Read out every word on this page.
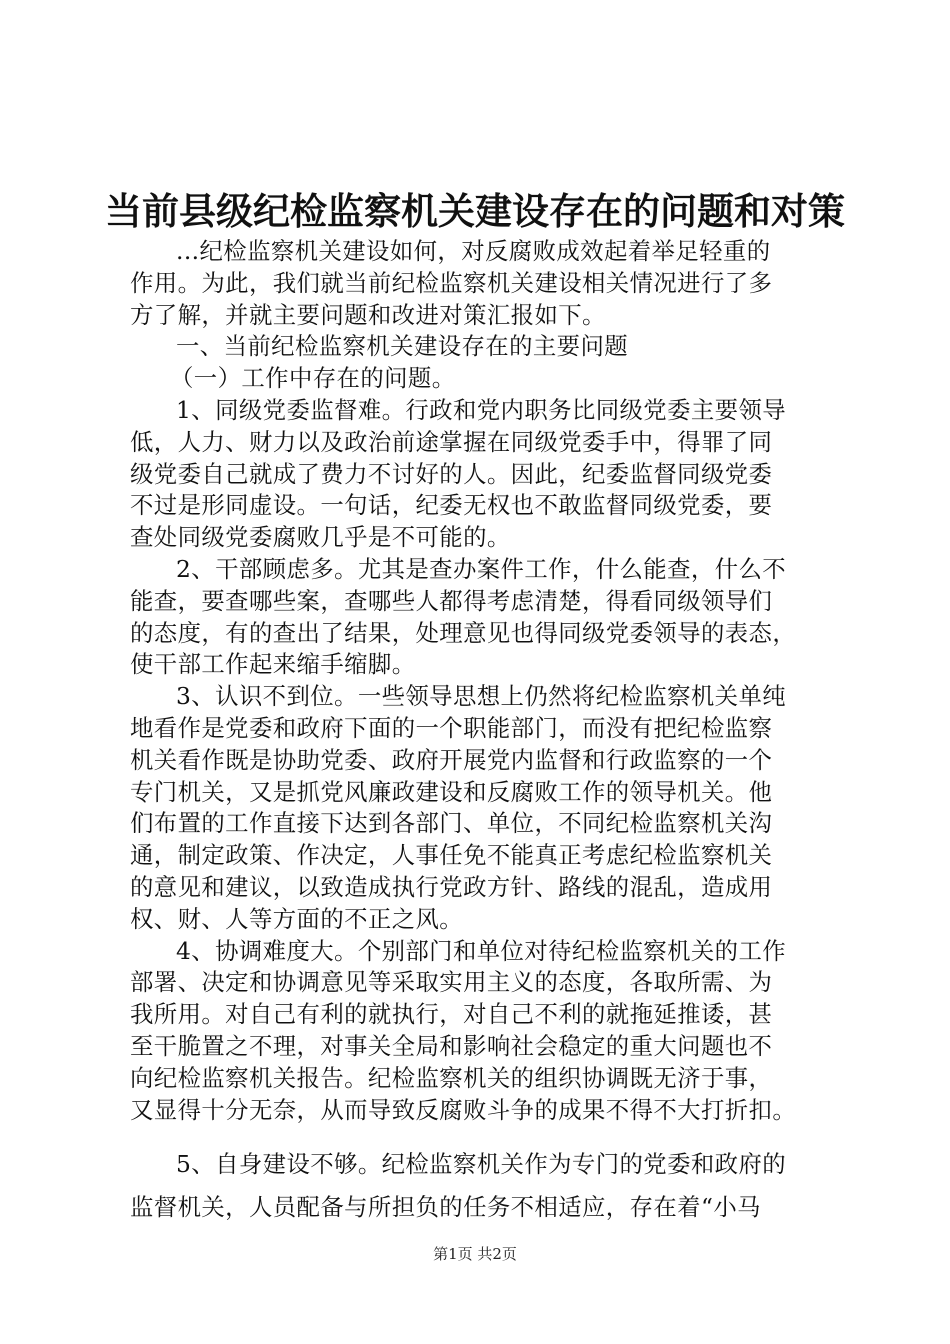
当前县级纪检监察机关建设存在的问题和对策
...纪检监察机关建设如何，对反腐败成效起着举足轻重的
作用。为此，我们就当前纪检监察机关建设相关情况进行了多
方了解，并就主要问题和改进对策汇报如下。
一、当前纪检监察机关建设存在的主要问题
（一）工作中存在的问题。
1、同级党委监督难。行政和党内职务比同级党委主要领导
低，人力、财力以及政治前途掌握在同级党委手中，得罪了同
级党委自己就成了费力不讨好的人。因此，纪委监督同级党委
不过是形同虚设。一句话，纪委无权也不敢监督同级党委，要
查处同级党委腐败几乎是不可能的。
2、干部顾虑多。尤其是查办案件工作，什么能查，什么不
能查，要查哪些案，查哪些人都得考虑清楚，得看同级领导们
的态度，有的查出了结果，处理意见也得同级党委领导的表态，
使干部工作起来缩手缩脚。
3、认识不到位。一些领导思想上仍然将纪检监察机关单纯
地看作是党委和政府下面的一个职能部门，而没有把纪检监察
机关看作既是协助党委、政府开展党内监督和行政监察的一个
专门机关，又是抓党风廉政建设和反腐败工作的领导机关。他
们布置的工作直接下达到各部门、单位，不同纪检监察机关沟
通，制定政策、作决定，人事任免不能真正考虑纪检监察机关
的意见和建议，以致造成执行党政方针、路线的混乱，造成用
权、财、人等方面的不正之风。
4、协调难度大。个别部门和单位对待纪检监察机关的工作
部署、决定和协调意见等采取实用主义的态度，各取所需、为
我所用。对自己有利的就执行，对自己不利的就拖延推诿，甚
至干脆置之不理，对事关全局和影响社会稳定的重大问题也不
向纪检监察机关报告。纪检监察机关的组织协调既无济于事，
又显得十分无奈，从而导致反腐败斗争的成果不得不大打折扣。
5、自身建设不够。纪检监察机关作为专门的党委和政府的
监督机关，人员配备与所担负的任务不相适应，存在着“小马
第1页 共2页
